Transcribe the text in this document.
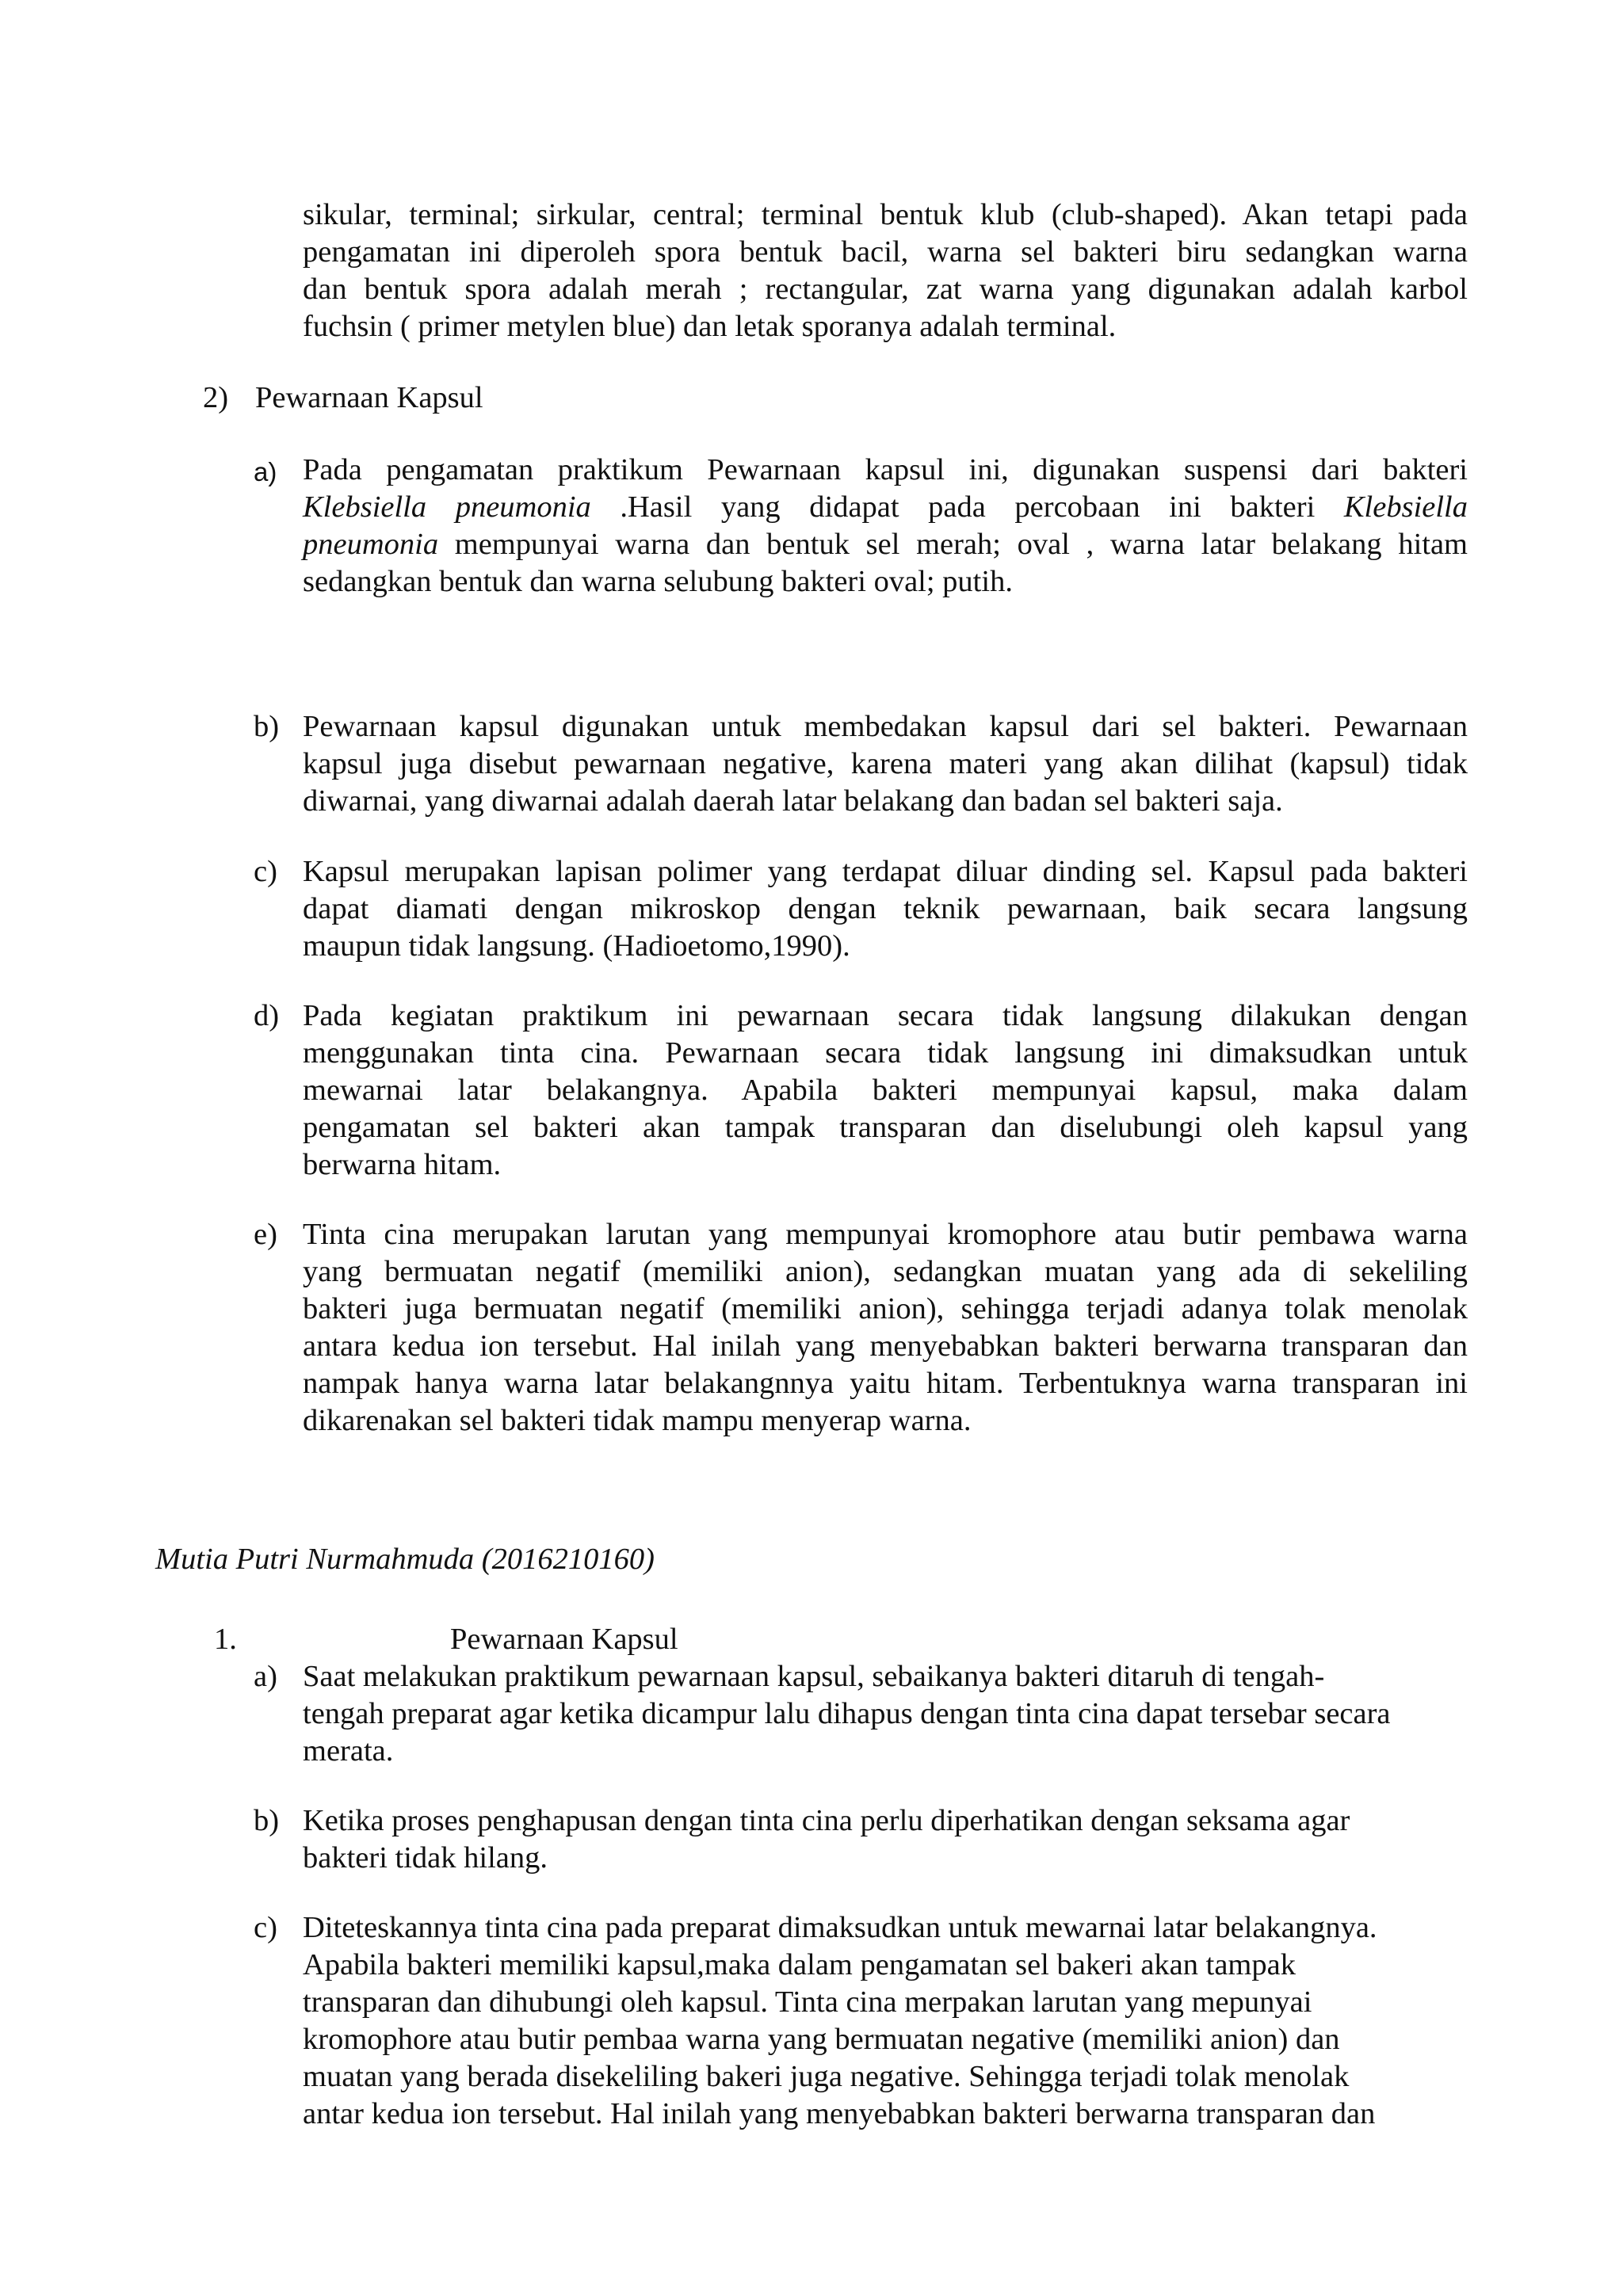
sikular, terminal; sirkular, central; terminal bentuk klub (club-shaped). Akan tetapi pada
pengamatan ini diperoleh spora bentuk bacil, warna sel bakteri biru sedangkan warna
dan bentuk spora adalah merah ; rectangular, zat warna yang digunakan adalah karbol
fuchsin ( primer metylen blue) dan letak sporanya adalah terminal.
2) Pewarnaan Kapsul
a) Pada pengamatan praktikum Pewarnaan kapsul ini, digunakan suspensi dari bakteri
Klebsiella pneumonia .Hasil yang didapat pada percobaan ini bakteri Klebsiella
pneumonia mempunyai warna dan bentuk sel merah; oval , warna latar belakang hitam
sedangkan bentuk dan warna selubung bakteri oval; putih.
b) Pewarnaan kapsul digunakan untuk membedakan kapsul dari sel bakteri. Pewarnaan
kapsul juga disebut pewarnaan negative, karena materi yang akan dilihat (kapsul) tidak
diwarnai, yang diwarnai adalah daerah latar belakang dan badan sel bakteri saja.
c) Kapsul merupakan lapisan polimer yang terdapat diluar dinding sel. Kapsul pada bakteri
dapat diamati dengan mikroskop dengan teknik pewarnaan, baik secara langsung
maupun tidak langsung. (Hadioetomo,1990).
d) Pada kegiatan praktikum ini pewarnaan secara tidak langsung dilakukan dengan
menggunakan tinta cina. Pewarnaan secara tidak langsung ini dimaksudkan untuk
mewarnai latar belakangnya. Apabila bakteri mempunyai kapsul, maka dalam
pengamatan sel bakteri akan tampak transparan dan diselubungi oleh kapsul yang
berwarna hitam.
e) Tinta cina merupakan larutan yang mempunyai kromophore atau butir pembawa warna
yang bermuatan negatif (memiliki anion), sedangkan muatan yang ada di sekeliling
bakteri juga bermuatan negatif (memiliki anion), sehingga terjadi adanya tolak menolak
antara kedua ion tersebut. Hal inilah yang menyebabkan bakteri berwarna transparan dan
nampak hanya warna latar belakangnnya yaitu hitam. Terbentuknya warna transparan ini
dikarenakan sel bakteri tidak mampu menyerap warna.
Mutia Putri Nurmahmuda (2016210160)
1.	Pewarnaan Kapsul
a) Saat melakukan praktikum pewarnaan kapsul, sebaikanya bakteri ditaruh di tengah-
tengah preparat agar ketika dicampur lalu dihapus dengan tinta cina dapat tersebar secara
merata.
b) Ketika proses penghapusan dengan tinta cina perlu diperhatikan dengan seksama agar
bakteri tidak hilang.
c) Diteteskannya tinta cina pada preparat dimaksudkan untuk mewarnai latar belakangnya.
Apabila bakteri memiliki kapsul,maka dalam pengamatan sel bakeri akan tampak
transparan dan dihubungi oleh kapsul. Tinta cina merpakan larutan yang mepunyai
kromophore atau butir pembaa warna yang bermuatan negative (memiliki anion) dan
muatan yang berada disekeliling bakeri juga negative. Sehingga terjadi tolak menolak
antar kedua ion tersebut. Hal inilah yang menyebabkan bakteri berwarna transparan dan
